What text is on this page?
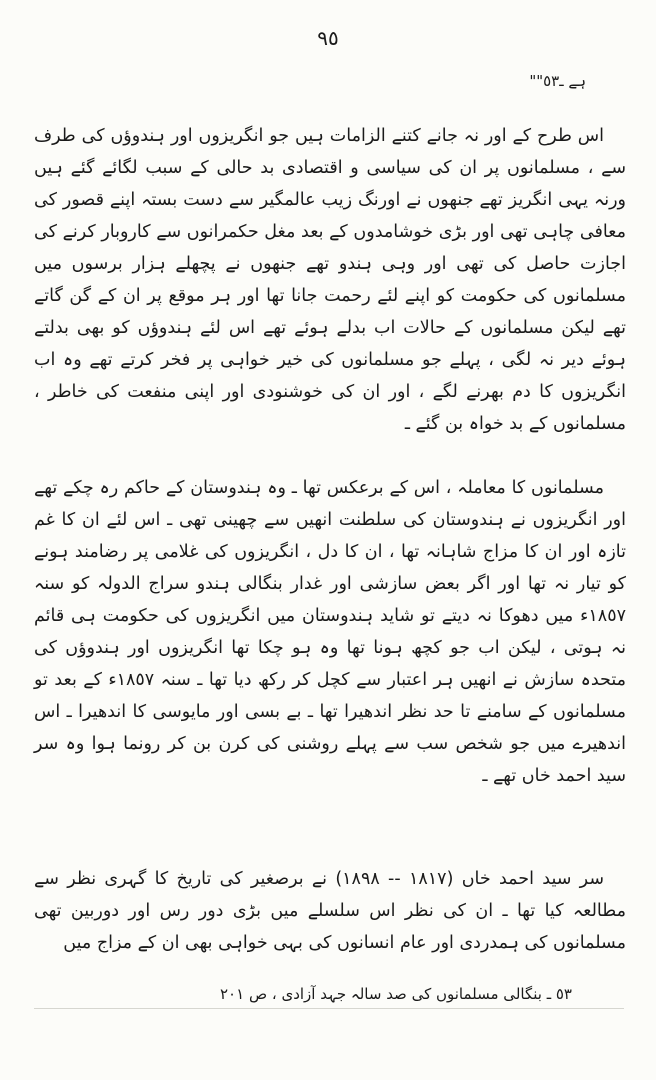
٩٥
ہے ـ٥٣""

اس طرح کے اور نہ جانے کتنے الزامات ہیں جو انگریزوں اور ہندوؤں کی طرف سے ، مسلمانوں پر ان کی سیاسی و اقتصادی بد حالی کے سبب لگائے گئے ہیں ورنہ یہی انگریز تھے جنھوں نے اورنگ زیب عالمگیر سے دست بستہ اپنے قصور کی معافی چاہی تھی اور بڑی خوشامدوں کے بعد مغل حکمرانوں سے کاروبار کرنے کی اجازت حاصل کی تھی اور وہی ہندو تھے جنھوں نے پچھلے ہزار برسوں میں مسلمانوں کی حکومت کو اپنے لئے رحمت جانا تھا اور ہر موقع پر ان کے گن گاتے تھے لیکن مسلمانوں کے حالات اب بدلے ہوئے تھے اس لئے ہندوؤں کو بھی بدلتے ہوئے دیر نہ لگی ، پہلے جو مسلمانوں کی خیر خواہی پر فخر کرتے تھے وہ اب انگریزوں کا دم بھرنے لگے ، اور ان کی خوشنودی اور اپنی منفعت کی خاطر ، مسلمانوں کے بد خواہ بن گئے ـ

مسلمانوں کا معاملہ ، اس کے برعکس تھا ـ وہ ہندوستان کے حاکم رہ چکے تھے اور انگریزوں نے ہندوستان کی سلطنت انھیں سے چھینی تھی ـ اس لئے ان کا غم تازہ اور ان کا مزاج شاہانہ تھا ، ان کا دل ، انگریزوں کی غلامی پر رضامند ہونے کو تیار نہ تھا اور اگر بعض سازشی اور غدار بنگالی ہندو سراج الدولہ کو سنہ ١٨٥٧ء میں دھوکا نہ دیتے تو شاید ہندوستان میں انگریزوں کی حکومت ہی قائم نہ ہوتی ، لیکن اب جو کچھ ہونا تھا وہ ہو چکا تھا انگریزوں اور ہندوؤں کی متحدہ سازش نے انھیں ہر اعتبار سے کچل کر رکھ دیا تھا ـ سنہ ١٨٥٧ء کے بعد تو مسلمانوں کے سامنے تا حد نظر اندھیرا تھا ـ بے بسی اور مایوسی کا اندھیرا ـ اس اندھیرے میں جو شخص سب سے پہلے روشنی کی کرن بن کر رونما ہوا وہ سر سید احمد خاں تھے ـ

سر سید احمد خاں (١٨١٧ -- ١٨٩٨) نے برصغیر کی تاریخ کا گہری نظر سے مطالعہ کیا تھا ـ ان کی نظر اس سلسلے میں بڑی دور رس اور دوربین تھی مسلمانوں کی ہمدردی اور عام انسانوں کی بہی خواہی بھی ان کے مزاج میں

٥٣ ـ بنگالی مسلمانوں کی صد سالہ جہد آزادی ، ص ٢٠١
